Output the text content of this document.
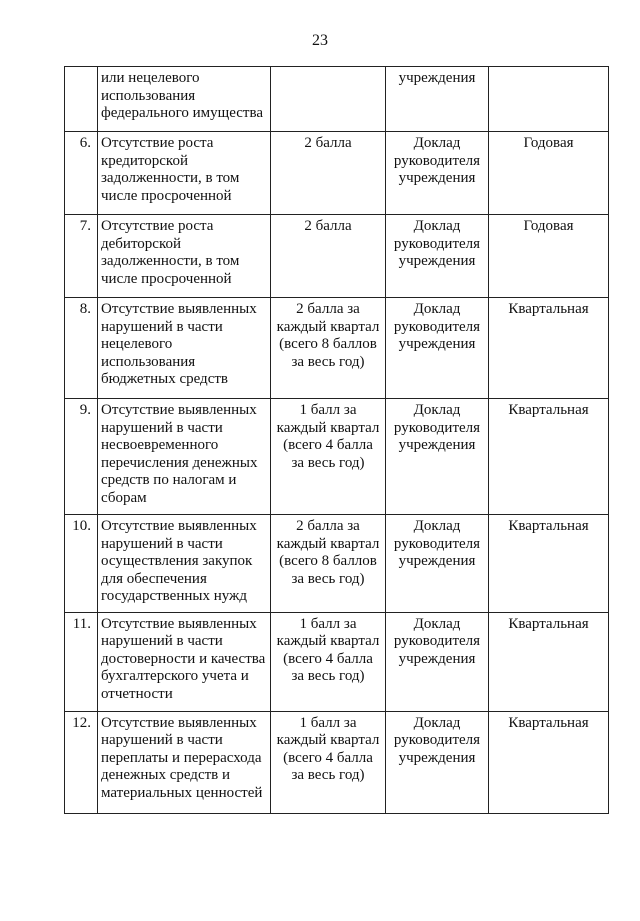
23
	или нецелевого использования федерального имущества		учреждения	
6.	Отсутствие роста кредиторской задолженности, в том числе просроченной	2 балла	Доклад руководителя учреждения	Годовая
7.	Отсутствие роста дебиторской задолженности, в том числе просроченной	2 балла	Доклад руководителя учреждения	Годовая
8.	Отсутствие выявленных нарушений в части нецелевого использования бюджетных средств	2 балла за каждый квартал (всего 8 баллов за весь год)	Доклад руководителя учреждения	Квартальная
9.	Отсутствие выявленных нарушений в части несвоевременного перечисления денежных средств по налогам и сборам	1 балл за каждый квартал (всего 4 балла за весь год)	Доклад руководителя учреждения	Квартальная
10.	Отсутствие выявленных нарушений в части осуществления закупок для обеспечения государственных нужд	2 балла за каждый квартал (всего 8 баллов за весь год)	Доклад руководителя учреждения	Квартальная
11.	Отсутствие выявленных нарушений в части достоверности и качества бухгалтерского учета и отчетности	1 балл за каждый квартал (всего 4 балла за весь год)	Доклад руководителя учреждения	Квартальная
12.	Отсутствие выявленных нарушений в части переплаты и перерасхода денежных средств и материальных ценностей	1 балл за каждый квартал (всего 4 балла за весь год)	Доклад руководителя учреждения	Квартальная
